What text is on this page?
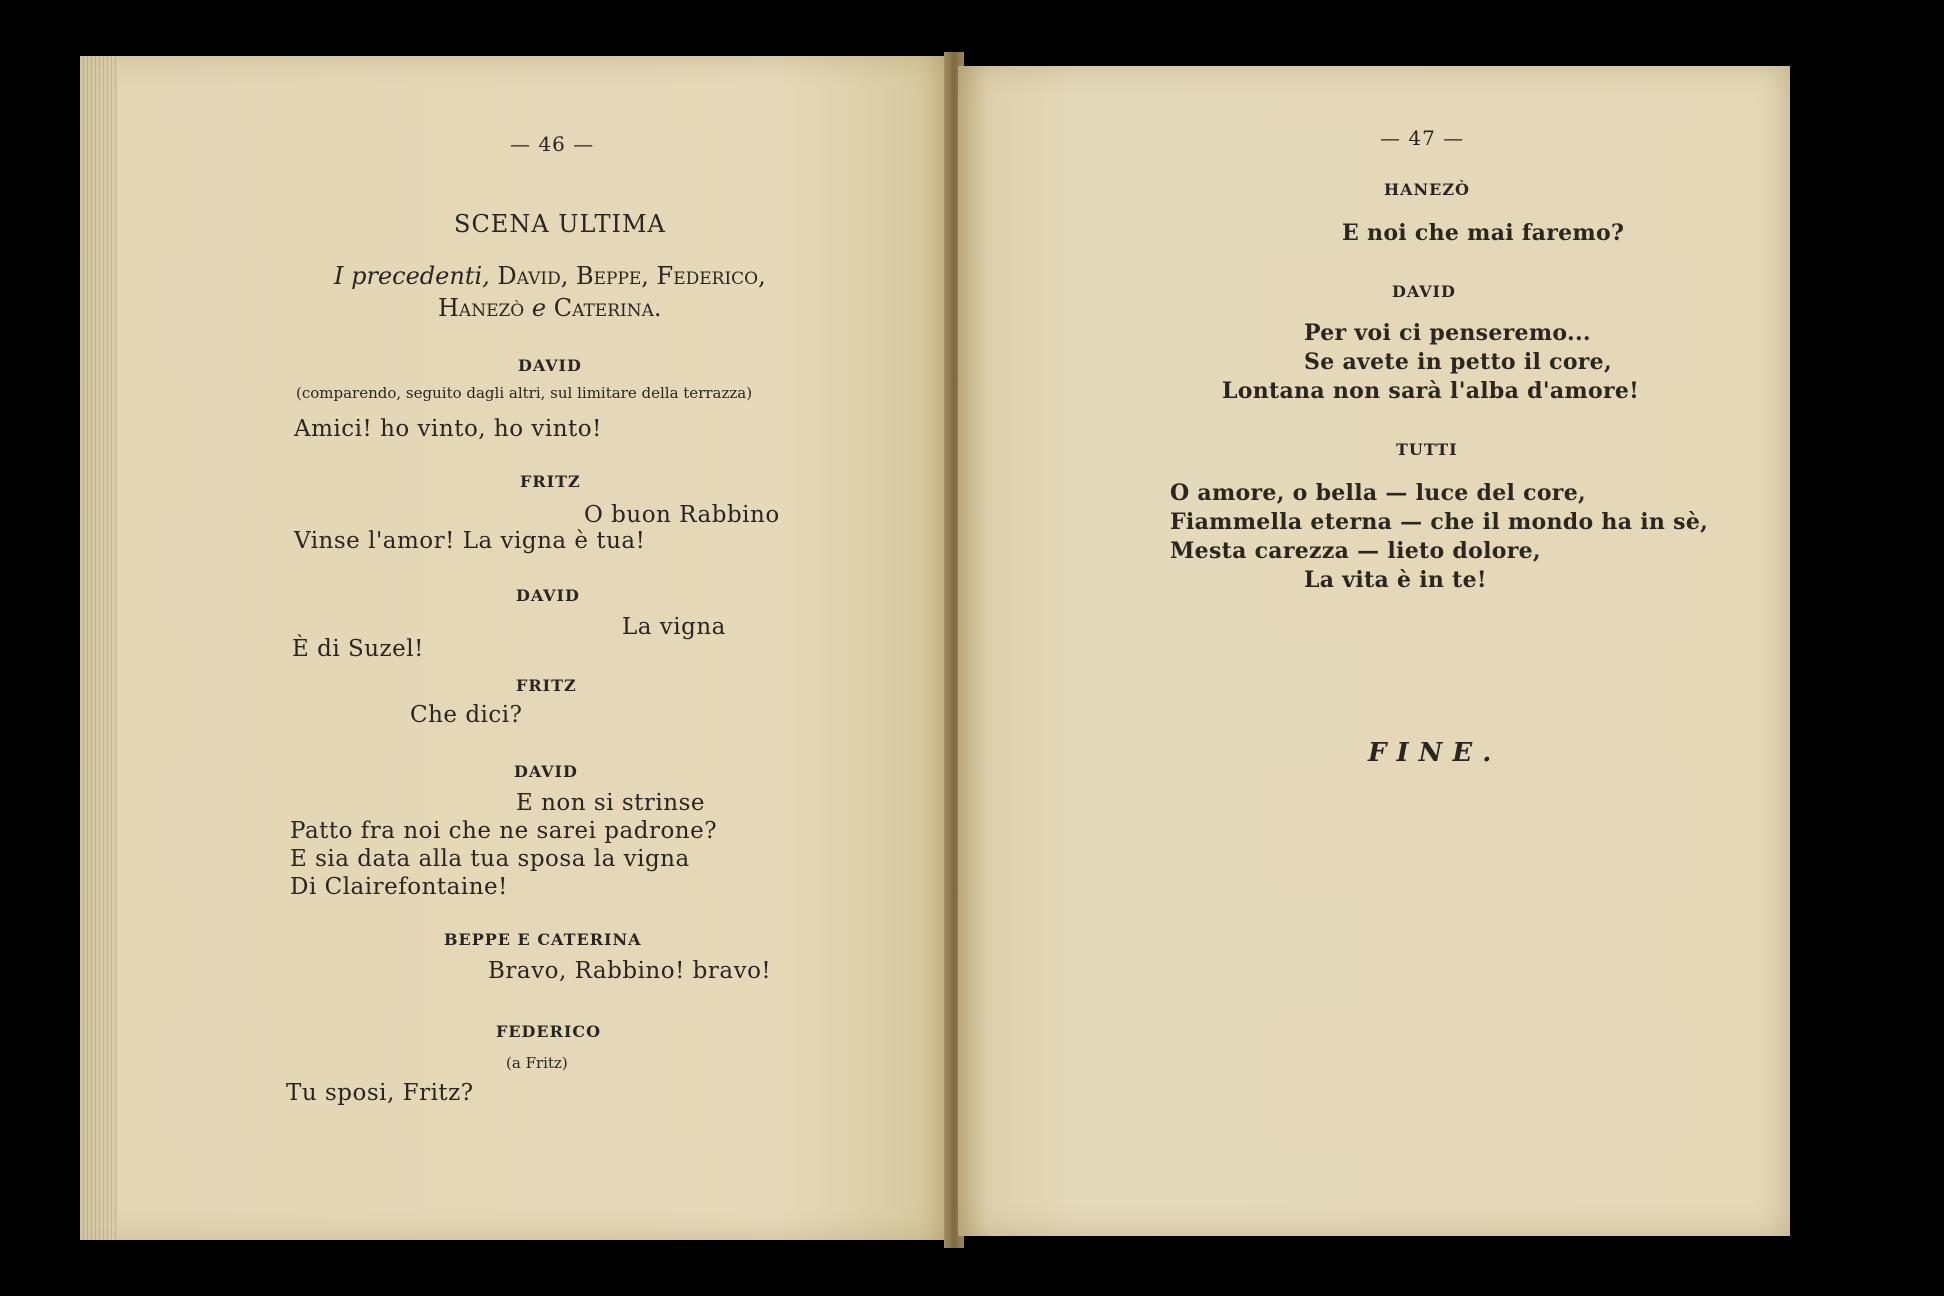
— 46 —
SCENA ULTIMA
I precedenti, David, Beppe, Federico,
Hanezò e Caterina.
DAVID
(comparendo, seguito dagli altri, sul limitare della terrazza)
Amici! ho vinto, ho vinto!
FRITZ
O buon Rabbino
Vinse l'amor! La vigna è tua!
DAVID
La vigna
È di Suzel!
FRITZ
Che dici?
DAVID
E non si strinse
Patto fra noi che ne sarei padrone?
E sia data alla tua sposa la vigna
Di Clairefontaine!
BEPPE E CATERINA
Bravo, Rabbino! bravo!
FEDERICO
(a Fritz)
Tu sposi, Fritz?
— 47 —
HANEZÒ
E noi che mai faremo?
DAVID
Per voi ci penseremo...
Se avete in petto il core,
Lontana non sarà l'alba d'amore!
TUTTI
O amore, o bella — luce del core,
Fiammella eterna — che il mondo ha in sè,
Mesta carezza — lieto dolore,
La vita è in te!
FINE.
